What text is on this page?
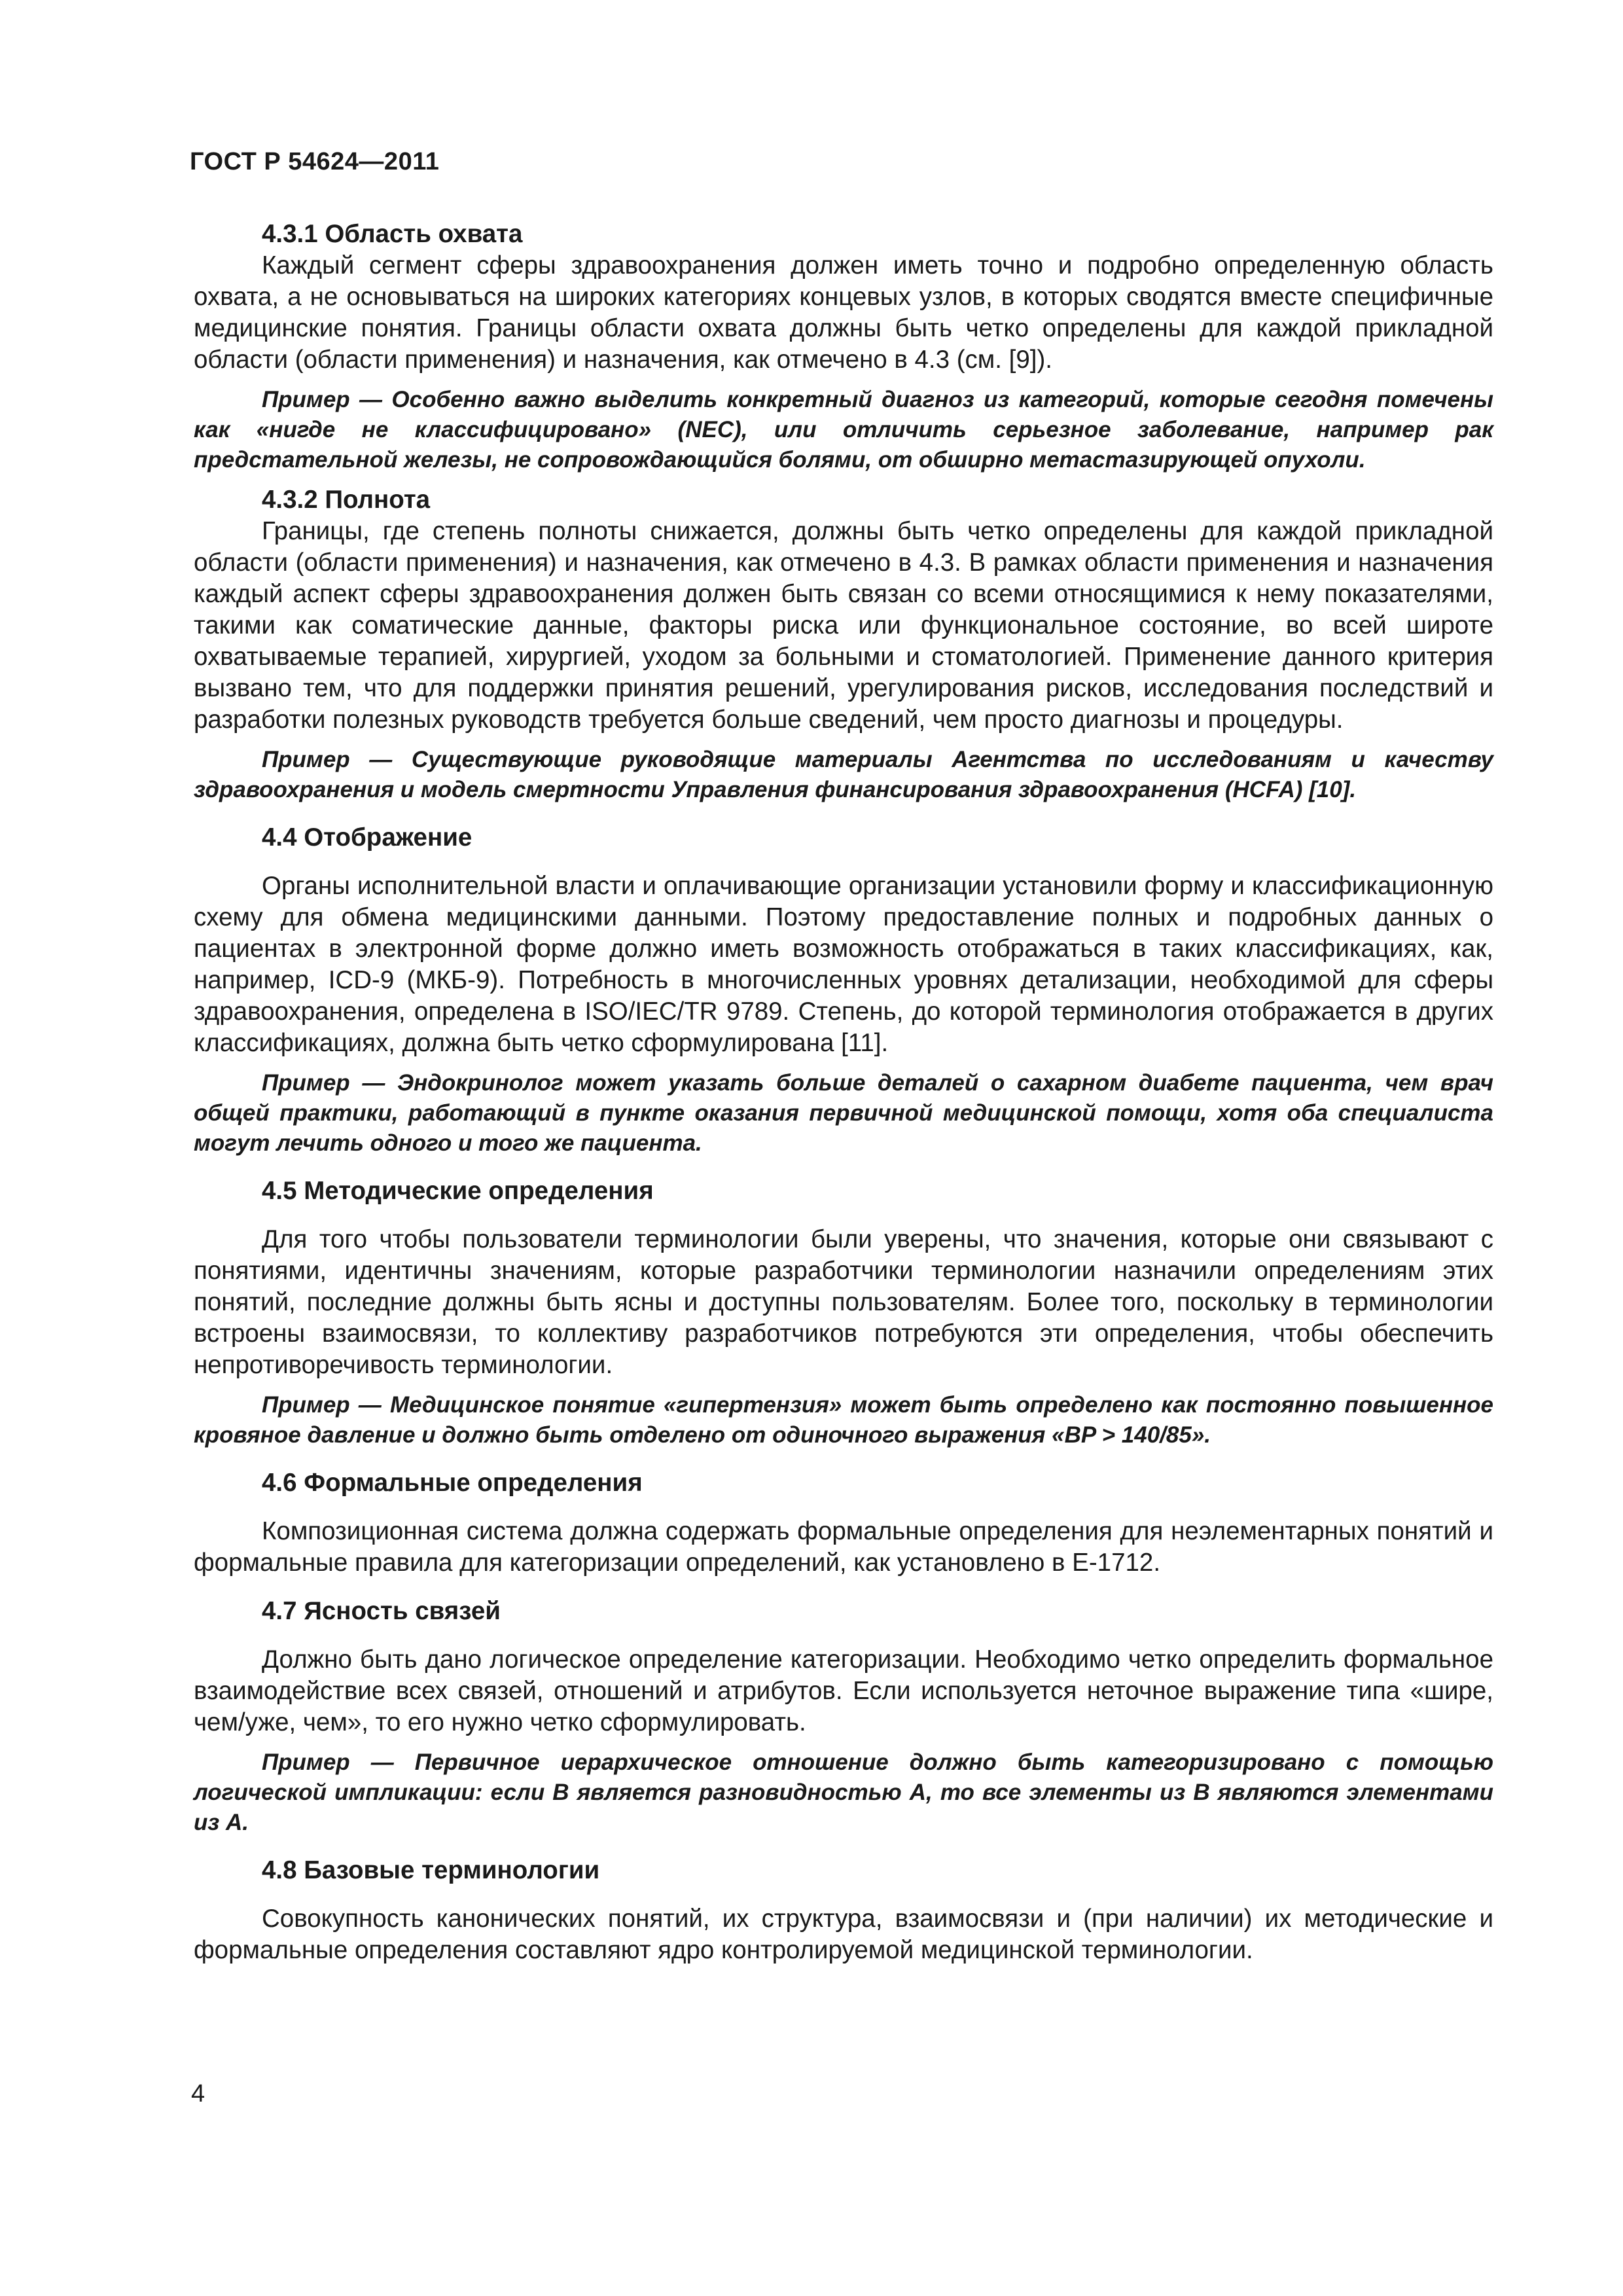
ГОСТ Р 54624—2011
4.3.1 Область охвата
Каждый сегмент сферы здравоохранения должен иметь точно и подробно определенную область охвата, а не основываться на широких категориях концевых узлов, в которых сводятся вместе специфичные медицинские понятия. Границы области охвата должны быть четко определены для каждой прикладной области (области применения) и назначения, как отмечено в 4.3 (см. [9]).
Пример — Особенно важно выделить конкретный диагноз из категорий, которые сегодня помечены как «нигде не классифицировано» (NEC), или отличить серьезное заболевание, например рак предстательной железы, не сопровождающийся болями, от обширно метастазирующей опухоли.
4.3.2 Полнота
Границы, где степень полноты снижается, должны быть четко определены для каждой прикладной области (области применения) и назначения, как отмечено в 4.3. В рамках области применения и назначения каждый аспект сферы здравоохранения должен быть связан со всеми относящимися к нему показателями, такими как соматические данные, факторы риска или функциональное состояние, во всей широте охватываемые терапией, хирургией, уходом за больными и стоматологией. Применение данного критерия вызвано тем, что для поддержки принятия решений, урегулирования рисков, исследования последствий и разработки полезных руководств требуется больше сведений, чем просто диагнозы и процедуры.
Пример — Существующие руководящие материалы Агентства по исследованиям и качеству здравоохранения и модель смертности Управления финансирования здравоохранения (HCFA) [10].
4.4 Отображение
Органы исполнительной власти и оплачивающие организации установили форму и классификационную схему для обмена медицинскими данными. Поэтому предоставление полных и подробных данных о пациентах в электронной форме должно иметь возможность отображаться в таких классификациях, как, например, ICD-9 (МКБ-9). Потребность в многочисленных уровнях детализации, необходимой для сферы здравоохранения, определена в ISO/IEC/TR 9789. Степень, до которой терминология отображается в других классификациях, должна быть четко сформулирована [11].
Пример — Эндокринолог может указать больше деталей о сахарном диабете пациента, чем врач общей практики, работающий в пункте оказания первичной медицинской помощи, хотя оба специалиста могут лечить одного и того же пациента.
4.5 Методические определения
Для того чтобы пользователи терминологии были уверены, что значения, которые они связывают с понятиями, идентичны значениям, которые разработчики терминологии назначили определениям этих понятий, последние должны быть ясны и доступны пользователям. Более того, поскольку в терминологии встроены взаимосвязи, то коллективу разработчиков потребуются эти определения, чтобы обеспечить непротиворечивость терминологии.
Пример — Медицинское понятие «гипертензия» может быть определено как постоянно повышенное кровяное давление и должно быть отделено от одиночного выражения «BP > 140/85».
4.6 Формальные определения
Композиционная система должна содержать формальные определения для неэлементарных понятий и формальные правила для категоризации определений, как установлено в Е-1712.
4.7 Ясность связей
Должно быть дано логическое определение категоризации. Необходимо четко определить формальное взаимодействие всех связей, отношений и атрибутов. Если используется неточное выражение типа «шире, чем/уже, чем», то его нужно четко сформулировать.
Пример — Первичное иерархическое отношение должно быть категоризировано с помощью логической импликации: если В является разновидностью А, то все элементы из В являются элементами из А.
4.8 Базовые терминологии
Совокупность канонических понятий, их структура, взаимосвязи и (при наличии) их методические и формальные определения составляют ядро контролируемой медицинской терминологии.
4
